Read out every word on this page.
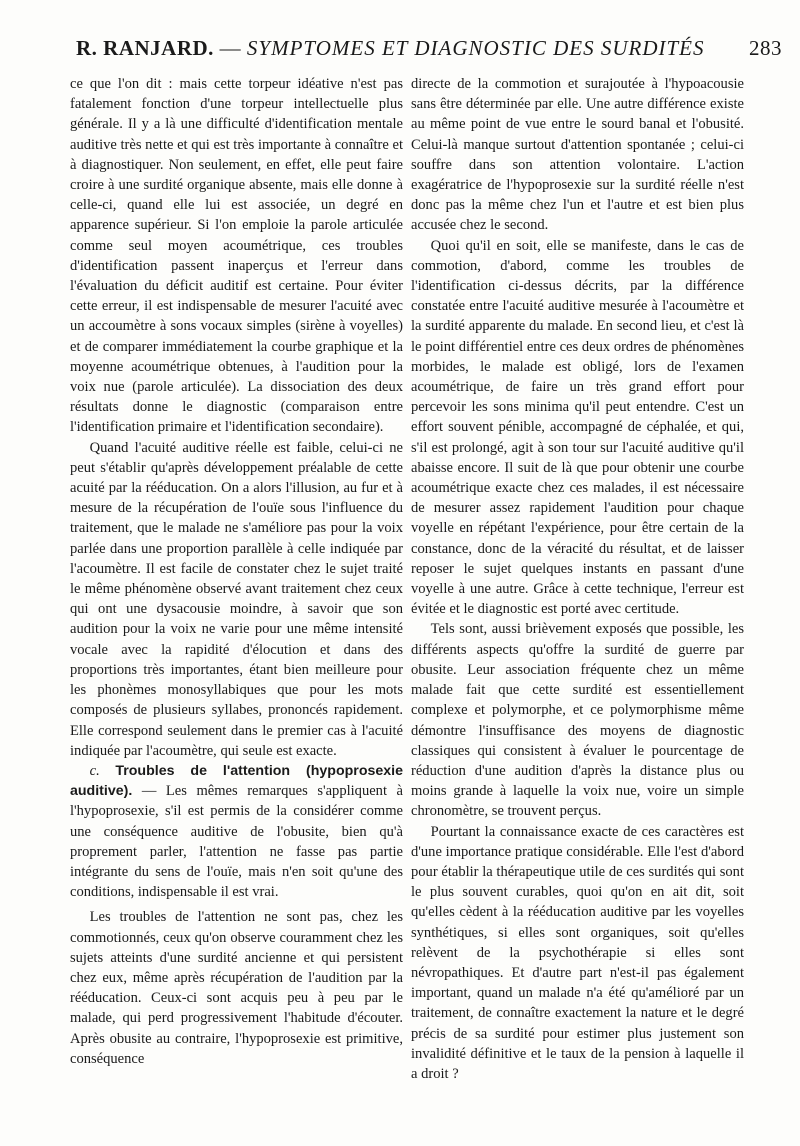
R. RANJARD. — SYMPTOMES ET DIAGNOSTIC DES SURDITÉS 283

ce que l'on dit : mais cette torpeur idéative n'est pas fatalement fonction d'une torpeur intellectuelle plus générale. Il y a là une difficulté d'identification mentale auditive très nette et qui est très importante à connaître et à diagnostiquer. Non seulement, en effet, elle peut faire croire à une surdité organique absente, mais elle donne à celle-ci, quand elle lui est associée, un degré en apparence supérieur. Si l'on emploie la parole articulée comme seul moyen acoumétrique, ces troubles d'identification passent inaperçus et l'erreur dans l'évaluation du déficit auditif est certaine. Pour éviter cette erreur, il est indispensable de mesurer l'acuité avec un accoumètre à sons vocaux simples (sirène à voyelles) et de comparer immédiatement la courbe graphique et la moyenne acoumétrique obtenues, à l'audition pour la voix nue (parole articulée). La dissociation des deux résultats donne le diagnostic (comparaison entre l'identification primaire et l'identification secondaire).

Quand l'acuité auditive réelle est faible, celui-ci ne peut s'établir qu'après développement préalable de cette acuité par la rééducation. On a alors l'illusion, au fur et à mesure de la récupération de l'ouïe sous l'influence du traitement, que le malade ne s'améliore pas pour la voix parlée dans une proportion parallèle à celle indiquée par l'acoumètre. Il est facile de constater chez le sujet traité le même phénomène observé avant traitement chez ceux qui ont une dysacousie moindre, à savoir que son audition pour la voix ne varie pour une même intensité vocale avec la rapidité d'élocution et dans des proportions très importantes, étant bien meilleure pour les phonèmes monosyllabiques que pour les mots composés de plusieurs syllabes, prononcés rapidement. Elle correspond seulement dans le premier cas à l'acuité indiquée par l'acoumètre, qui seule est exacte.

c. Troubles de l'attention (hypoprosexie auditive). — Les mêmes remarques s'appliquent à l'hypoprosexie, s'il est permis de la considérer comme une conséquence auditive de l'obusite, bien qu'à proprement parler, l'attention ne fasse pas partie intégrante du sens de l'ouïe, mais n'en soit qu'une des conditions, indispensable il est vrai.

Les troubles de l'attention ne sont pas, chez les commotionnés, ceux qu'on observe couramment chez les sujets atteints d'une surdité ancienne et qui persistent chez eux, même après récupération de l'audition par la rééducation. Ceux-ci sont acquis peu à peu par le malade, qui perd progressivement l'habitude d'écouter. Après obusite au contraire, l'hypoprosexie est primitive, conséquence

directe de la commotion et surajoutée à l'hypoacousie sans être déterminée par elle. Une autre différence existe au même point de vue entre le sourd banal et l'obusité. Celui-là manque surtout d'attention spontanée ; celui-ci souffre dans son attention volontaire. L'action exagératrice de l'hypoprosexie sur la surdité réelle n'est donc pas la même chez l'un et l'autre et est bien plus accusée chez le second.

Quoi qu'il en soit, elle se manifeste, dans le cas de commotion, d'abord, comme les troubles de l'identification ci-dessus décrits, par la différence constatée entre l'acuité auditive mesurée à l'acoumètre et la surdité apparente du malade. En second lieu, et c'est là le point différentiel entre ces deux ordres de phénomènes morbides, le malade est obligé, lors de l'examen acoumétrique, de faire un très grand effort pour percevoir les sons minima qu'il peut entendre. C'est un effort souvent pénible, accompagné de céphalée, et qui, s'il est prolongé, agit à son tour sur l'acuité auditive qu'il abaisse encore. Il suit de là que pour obtenir une courbe acoumétrique exacte chez ces malades, il est nécessaire de mesurer assez rapidement l'audition pour chaque voyelle en répétant l'expérience, pour être certain de la constance, donc de la véracité du résultat, et de laisser reposer le sujet quelques instants en passant d'une voyelle à une autre. Grâce à cette technique, l'erreur est évitée et le diagnostic est porté avec certitude.

Tels sont, aussi brièvement exposés que possible, les différents aspects qu'offre la surdité de guerre par obusite. Leur association fréquente chez un même malade fait que cette surdité est essentiellement complexe et polymorphe, et ce polymorphisme même démontre l'insuffisance des moyens de diagnostic classiques qui consistent à évaluer le pourcentage de réduction d'une audition d'après la distance plus ou moins grande à laquelle la voix nue, voire un simple chronomètre, se trouvent perçus.

Pourtant la connaissance exacte de ces caractères est d'une importance pratique considérable. Elle l'est d'abord pour établir la thérapeutique utile de ces surdités qui sont le plus souvent curables, quoi qu'on en ait dit, soit qu'elles cèdent à la rééducation auditive par les voyelles synthétiques, si elles sont organiques, soit qu'elles relèvent de la psychothérapie si elles sont névropathiques. Et d'autre part n'est-il pas également important, quand un malade n'a été qu'amélioré par un traitement, de connaître exactement la nature et le degré précis de sa surdité pour estimer plus justement son invalidité définitive et le taux de la pension à laquelle il a droit ?
